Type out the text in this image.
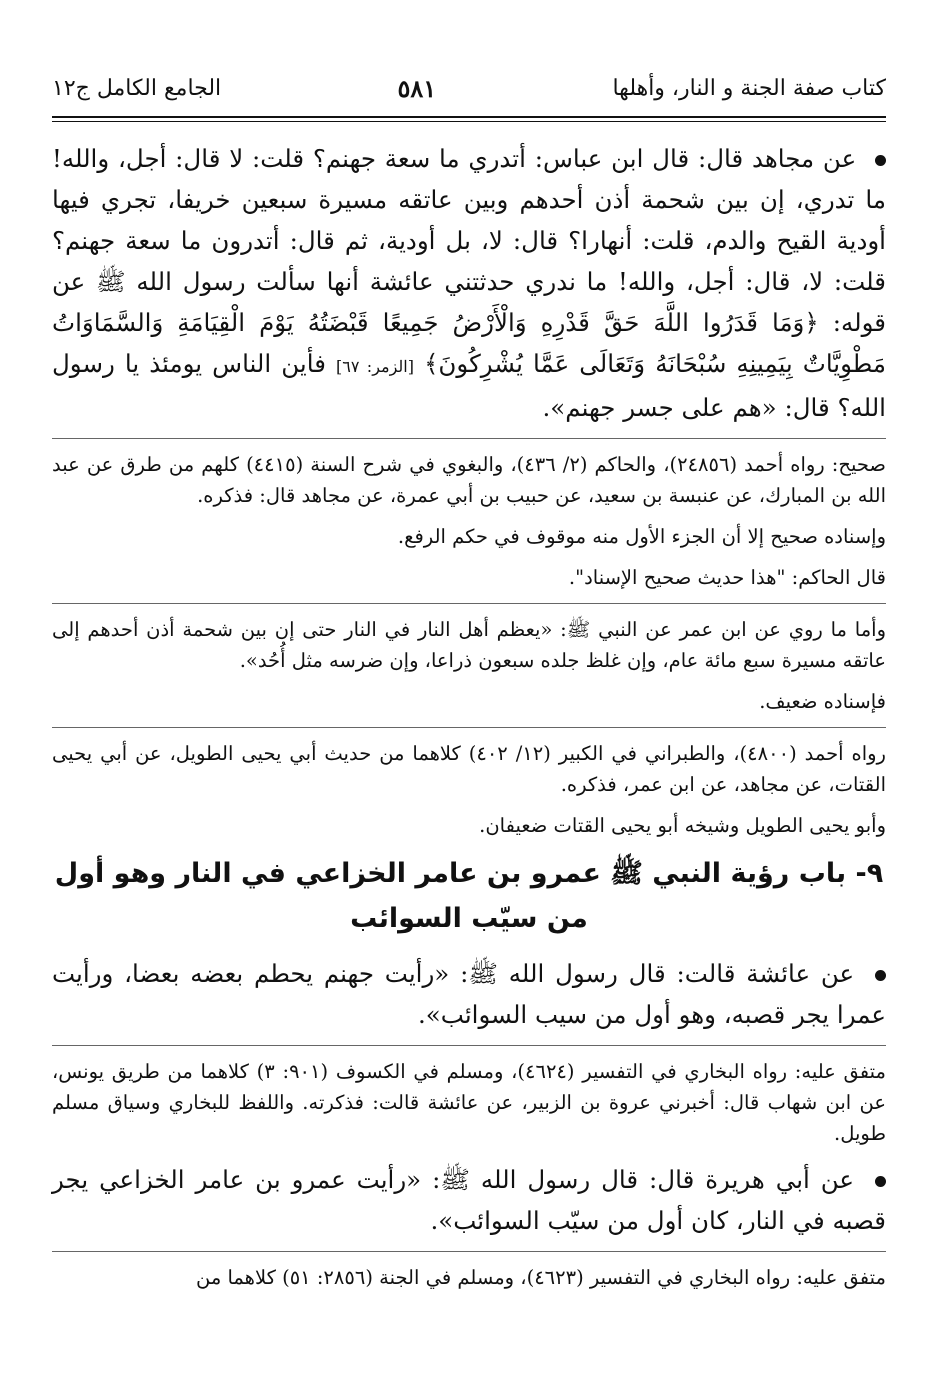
كتاب صفة الجنة و النار، وأهلها
٥٨١
الجامع الكامل ج١٢

عن مجاهد قال: قال ابن عباس: أتدري ما سعة جهنم؟ قلت: لا قال: أجل، والله! ما تدري، إن بين شحمة أذن أحدهم وبين عاتقه مسيرة سبعين خريفا، تجري فيها أودية القيح والدم، قلت: أنهارا؟ قال: لا، بل أودية، ثم قال: أتدرون ما سعة جهنم؟ قلت: لا، قال: أجل، والله! ما ندري حدثتني عائشة أنها سألت رسول الله ﷺ عن قوله: ﴿وَمَا قَدَرُوا اللَّهَ حَقَّ قَدْرِهِ وَالْأَرْضُ جَمِيعًا قَبْضَتُهُ يَوْمَ الْقِيَامَةِ وَالسَّمَاوَاتُ مَطْوِيَّاتٌ بِيَمِينِهِ سُبْحَانَهُ وَتَعَالَى عَمَّا يُشْرِكُونَ﴾ [الزمر: ٦٧] فأين الناس يومئذ يا رسول الله؟ قال: «هم على جسر جهنم».

صحيح: رواه أحمد (٢٤٨٥٦)، والحاكم (٢/ ٤٣٦)، والبغوي في شرح السنة (٤٤١٥) كلهم من طرق عن عبد الله بن المبارك، عن عنبسة بن سعيد، عن حبيب بن أبي عمرة، عن مجاهد قال: فذكره.

وإسناده صحيح إلا أن الجزء الأول منه موقوف في حكم الرفع.

قال الحاكم: "هذا حديث صحيح الإسناد".

وأما ما روي عن ابن عمر عن النبي ﷺ: «يعظم أهل النار في النار حتى إن بين شحمة أذن أحدهم إلى عاتقه مسيرة سبع مائة عام، وإن غلظ جلده سبعون ذراعا، وإن ضرسه مثل أُحُد».

فإسناده ضعيف.

رواه أحمد (٤٨٠٠)، والطبراني في الكبير (١٢/ ٤٠٢) كلاهما من حديث أبي يحيى الطويل، عن أبي يحيى القتات، عن مجاهد، عن ابن عمر، فذكره.

وأبو يحيى الطويل وشيخه أبو يحيى القتات ضعيفان.

٩- باب رؤية النبي ﷺ عمرو بن عامر الخزاعي في النار وهو أول من سيّب السوائب

عن عائشة قالت: قال رسول الله ﷺ: «رأيت جهنم يحطم بعضه بعضا، ورأيت عمرا يجر قصبه، وهو أول من سيب السوائب».

متفق عليه: رواه البخاري في التفسير (٤٦٢٤)، ومسلم في الكسوف (٩٠١: ٣) كلاهما من طريق يونس، عن ابن شهاب قال: أخبرني عروة بن الزبير، عن عائشة قالت: فذكرته. واللفظ للبخاري وسياق مسلم طويل.

عن أبي هريرة قال: قال رسول الله ﷺ: «رأيت عمرو بن عامر الخزاعي يجر قصبه في النار، كان أول من سيّب السوائب».

متفق عليه: رواه البخاري في التفسير (٤٦٢٣)، ومسلم في الجنة (٢٨٥٦: ٥١) كلاهما من
